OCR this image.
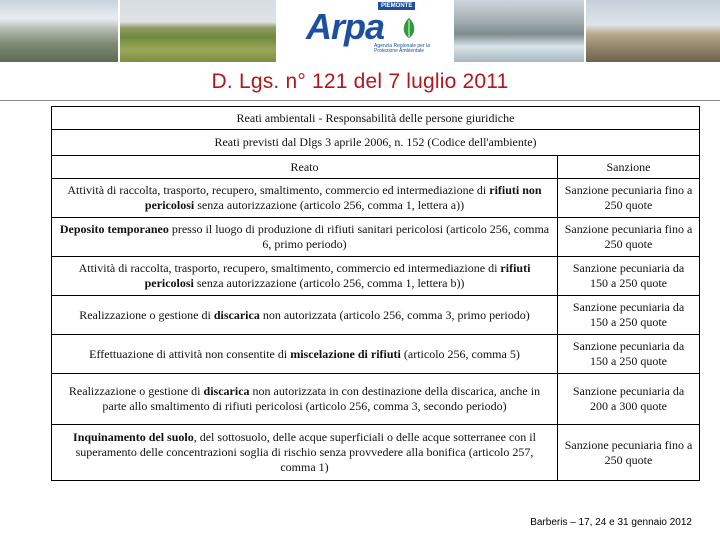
PIEMONTE
Arpa
Agenzia Regionale per la Protezione Ambientale
D. Lgs. n° 121 del 7 luglio 2011
Reati ambientali - Responsabilità delle persone giuridiche	
Reati previsti dal Dlgs 3 aprile 2006, n. 152 (Codice dell'ambiente)	
Reato	Sanzione
Attività di raccolta, trasporto, recupero, smaltimento, commercio ed intermediazione di rifiuti non pericolosi senza autorizzazione (articolo 256, comma 1, lettera a))	Sanzione pecuniaria fino a 250 quote
Deposito temporaneo presso il luogo di produzione di rifiuti sanitari pericolosi (articolo 256, comma 6, primo periodo)	Sanzione pecuniaria fino a 250 quote
Attività di raccolta, trasporto, recupero, smaltimento, commercio ed intermediazione di rifiuti pericolosi senza autorizzazione (articolo 256, comma 1, lettera b))	Sanzione pecuniaria da 150 a 250 quote
Realizzazione o gestione di discarica non autorizzata (articolo 256, comma 3, primo periodo)	Sanzione pecuniaria da 150 a 250 quote
Effettuazione di attività non consentite di miscelazione di rifiuti (articolo 256, comma 5)	Sanzione pecuniaria da 150 a 250 quote
Realizzazione o gestione di discarica non autorizzata in con destinazione della discarica, anche in parte allo smaltimento di rifiuti pericolosi (articolo 256, comma 3, secondo periodo)	Sanzione pecuniaria da 200 a 300 quote
Inquinamento del suolo, del sottosuolo, delle acque superficiali o delle acque sotterranee con il superamento delle concentrazioni soglia di rischio senza provvedere alla bonifica (articolo 257, comma 1)	Sanzione pecuniaria fino a 250 quote
Barberis – 17, 24 e 31 gennaio 2012
